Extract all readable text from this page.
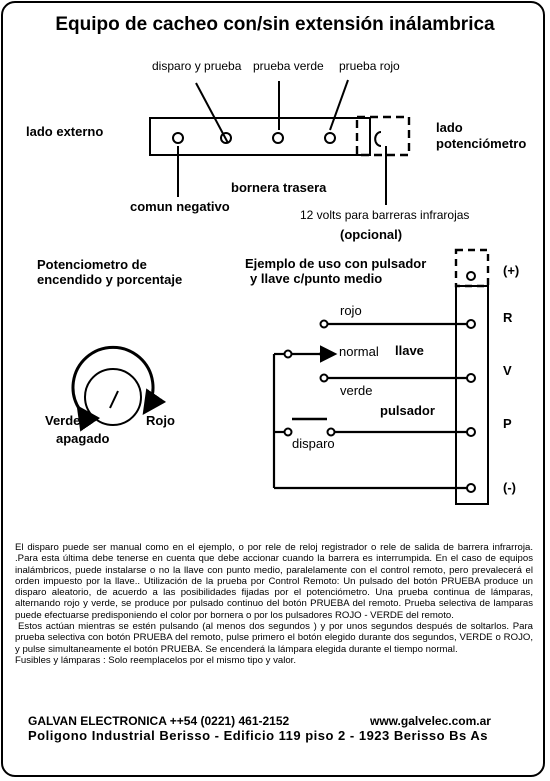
Equipo de cacheo con/sin extensión inálambrica
disparo y prueba prueba verde prueba rojo
lado externo	lado
potenciómetro
bornera trasera
comun negativo
12 volts para barreras infrarojas
(opcional)
Potenciometro de
encendido y porcentaje
Verde	Rojo
apagado
Ejemplo de uso con pulsador
y llave c/punto medio
rojo
normal llave
verde
pulsador
disparo
(+)
R
V
P
(-)

El disparo puede ser manual como en el ejemplo, o por rele de reloj registrador o rele de salida de barrera infrarroja. .Para esta última debe tenerse en cuenta que debe accionar cuando la barrera es interrumpida. En el caso de equipos inalámbricos, puede instalarse o no la llave con punto medio, paralelamente con el control remoto, pero prevalecerá el orden impuesto por la llave.. Utilización de la prueba por Control Remoto: Un pulsado del botón PRUEBA produce un disparo aleatorio, de acuerdo a las posibilidades fijadas por el potenciómetro. Una prueba continua de lámparas, alternando rojo y verde, se produce por pulsado continuo del botón PRUEBA del remoto. Prueba selectiva de lamparas puede efectuarse predisponiendo el color por bornera o por los pulsadores ROJO - VERDE del remoto.

Estos actúan mientras se estén pulsando (al menos dos segundos ) y por unos segundos después de soltarlos. Para prueba selectiva con botón PRUEBA del remoto, pulse primero el botón elegido durante dos segundos, VERDE o ROJO, y pulse simultaneamente el botón PRUEBA. Se encenderá la lámpara elegida durante el tiempo normal.

Fusibles y lámparas : Solo reemplacelos por el mismo tipo y valor.

GALVAN ELECTRONICA ++54 (0221) 461-2152	www.galvelec.com.ar
Poligono Industrial Berisso - Edificio 119 piso 2 - 1923 Berisso Bs As
